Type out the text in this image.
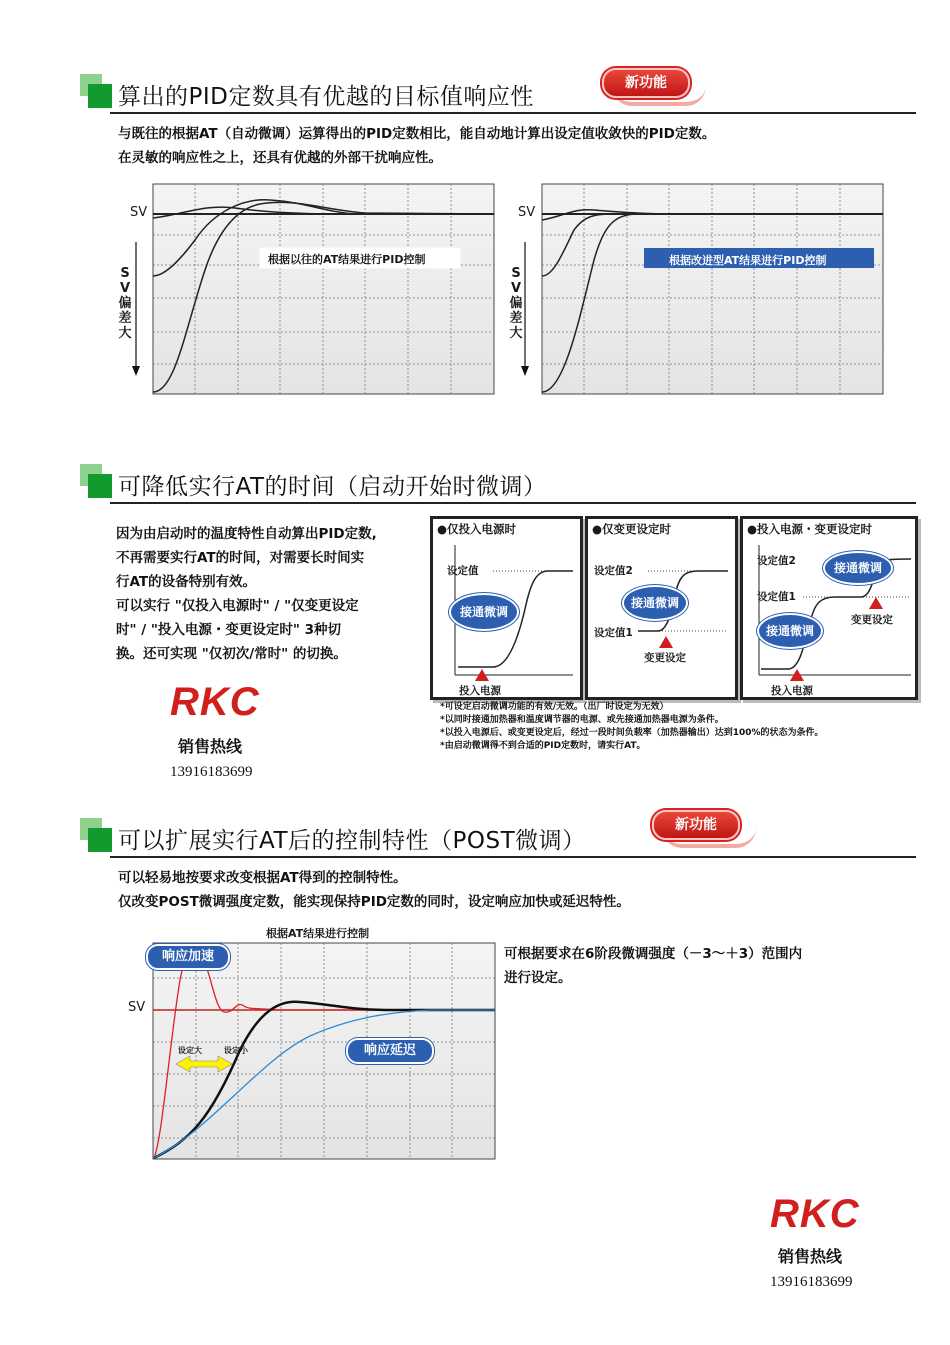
算出的PID定数具有优越的目标值响应性
新功能
与既往的根据AT（自动微调）运算得出的PID定数相比，能自动地计算出设定值收敛快的PID定数。
在灵敏的响应性之上，还具有优越的外部干扰响应性。
SV
S
V
偏
差
大
根据以往的AT结果进行PID控制
SV
S
V
偏
差
大
根据改进型AT结果进行PID控制
可降低实行AT的时间（启动开始时微调）
因为由启动时的温度特性自动算出PID定数,
不再需要实行AT的时间，对需要长时间实
行AT的设备特别有效。
可以实行 "仅投入电源时" / "仅变更设定
时" / "投入电源・变更设定时" 3种切
换。还可实现 "仅初次/常时" 的切换。
RKC
销售热线
13916183699
●仅投入电源时
设定值
接通微调
投入电源
●仅变更设定时
设定值2
接通微调
设定值1
变更设定
●投入电源・变更设定时
设定值2	接通微调
设定值1
接通微调
变更设定
投入电源
*可设定启动微调功能的有效/无效。（出厂时设定为无效）
*以同时接通加热器和温度调节器的电源、或先接通加热器电源为条件。
*以投入电源后、或变更设定后，经过一段时间负载率（加热器输出）达到100%的状态为条件。
*由启动微调得不到合适的PID定数时，请实行AT。
可以扩展实行AT后的控制特性（POST微调）
新功能
可以轻易地按要求改变根据AT得到的控制特性。
仅改变POST微调强度定数，能实现保持PID定数的同时，设定响应加快或延迟特性。
根据AT结果进行控制
SV
响应加速
响应延迟
设定大	设定小
可根据要求在6阶段微调强度（－3～＋3）范围内
进行设定。
RKC
销售热线
13916183699
